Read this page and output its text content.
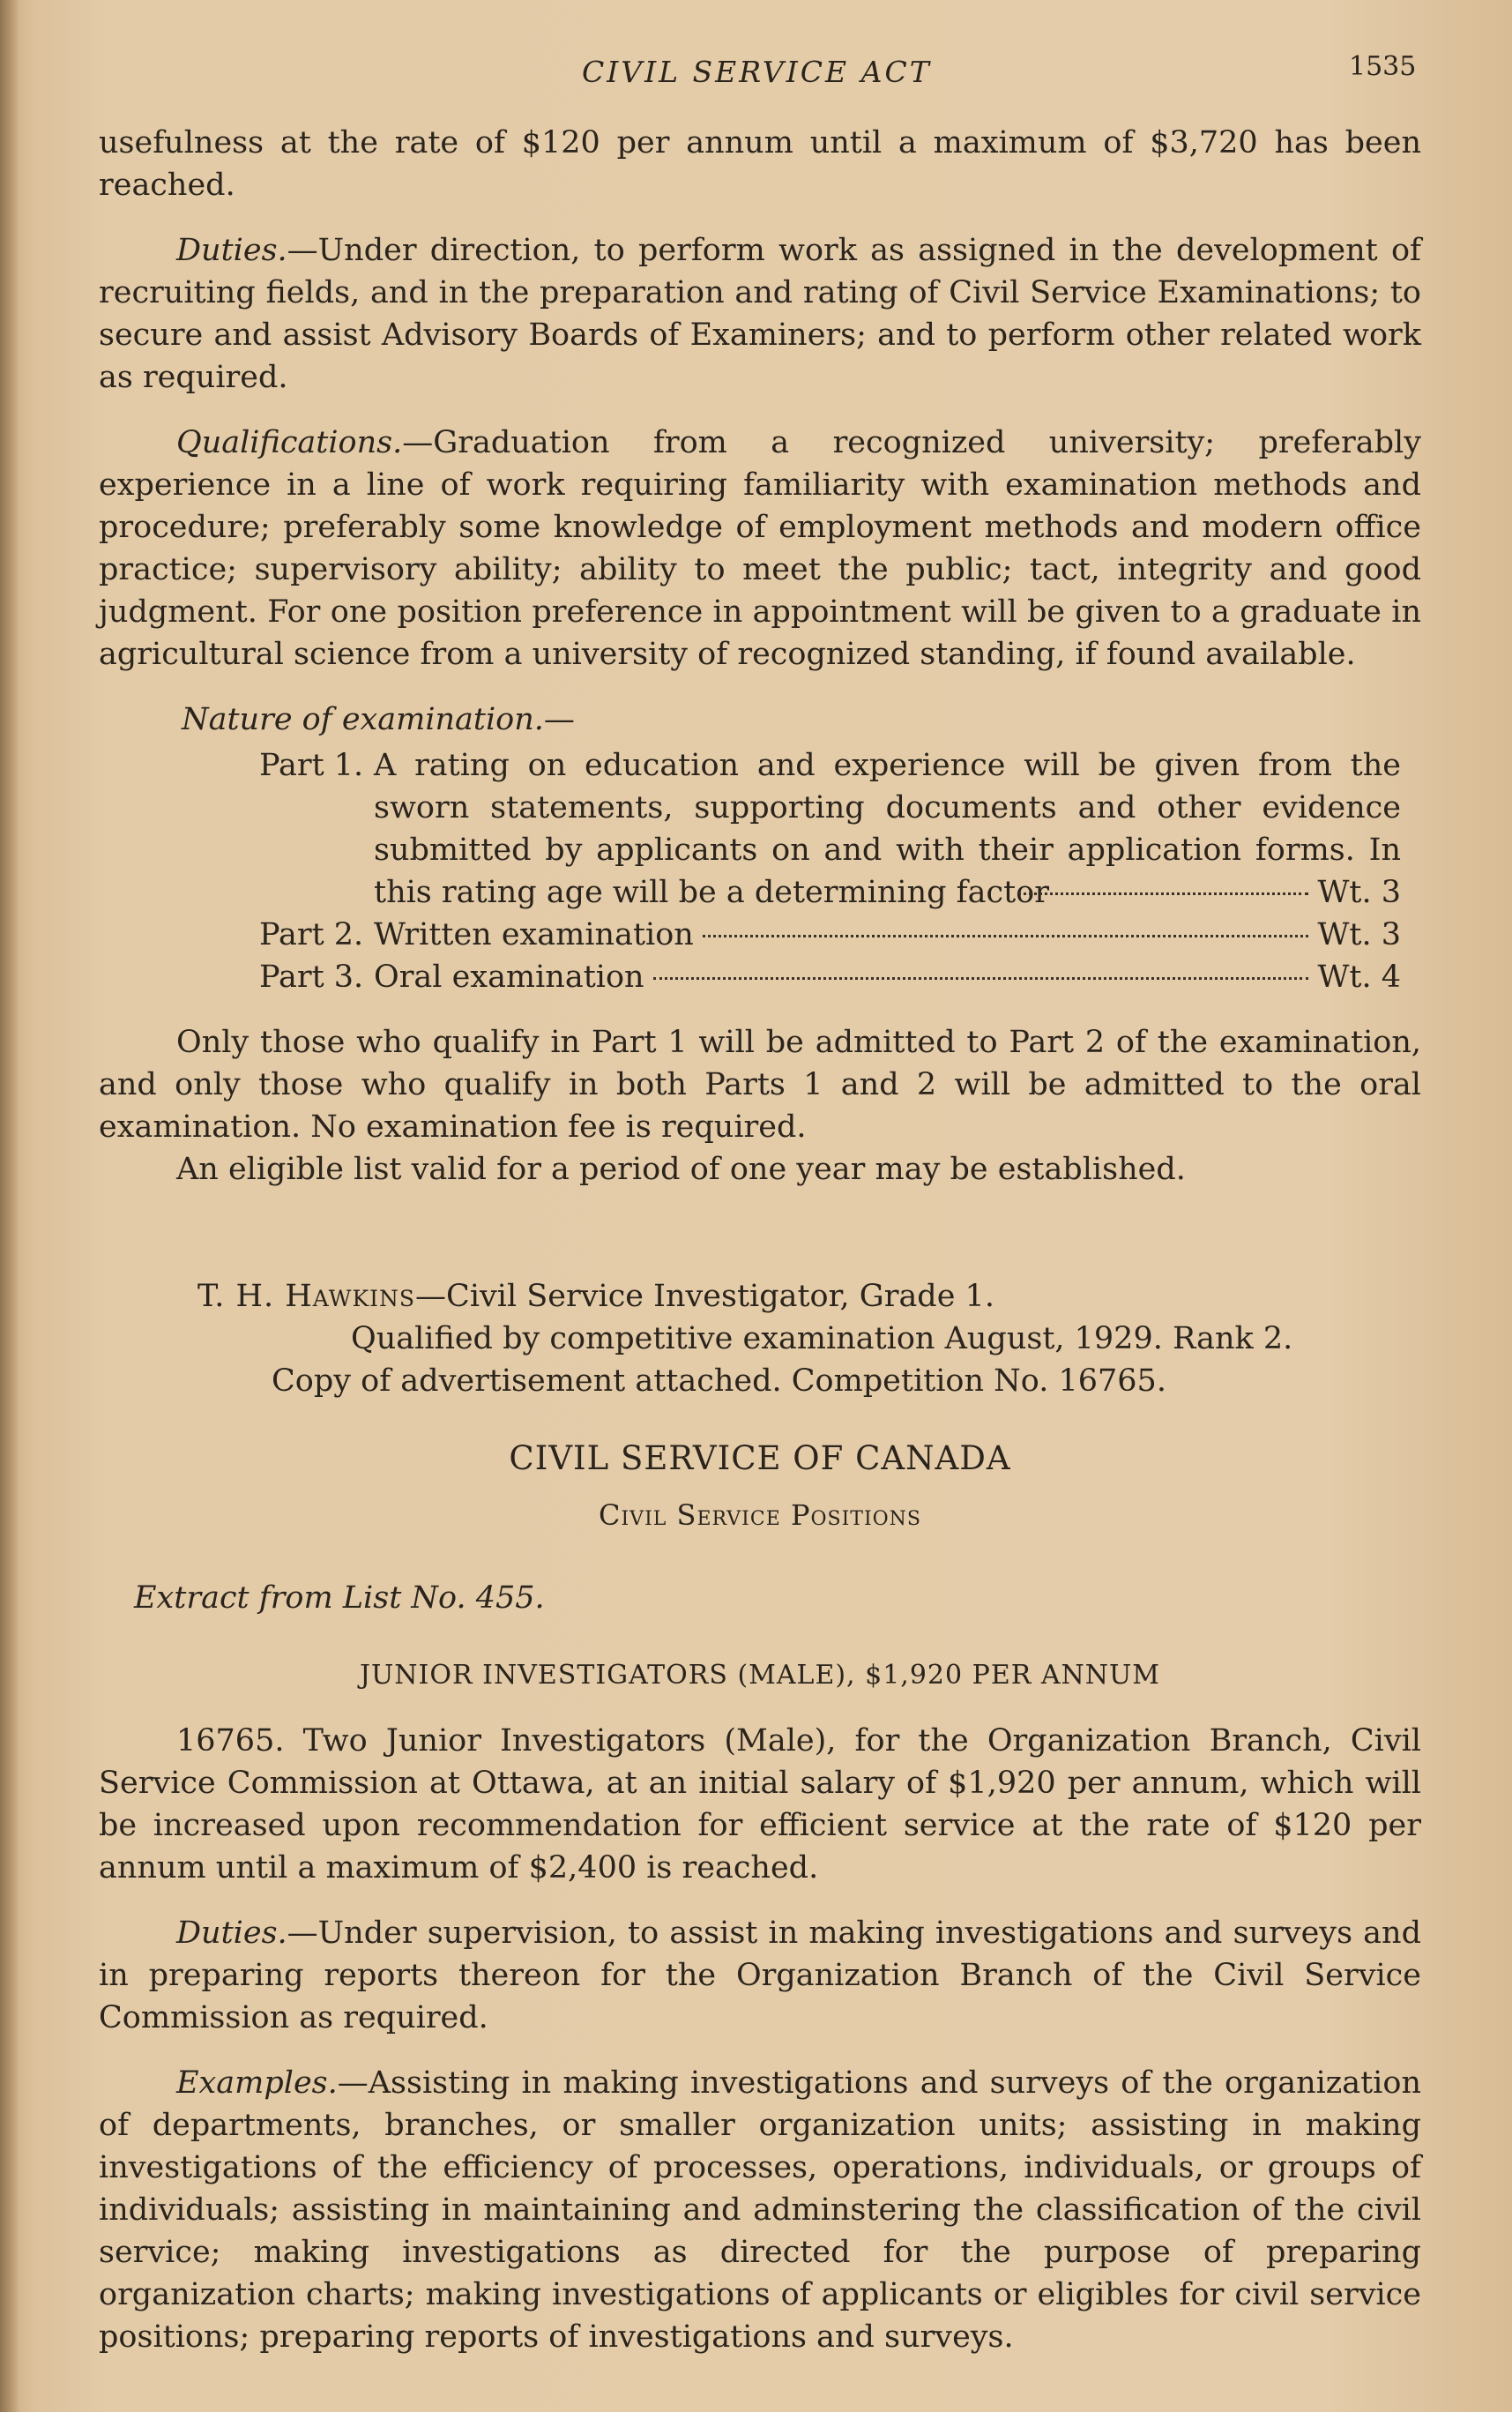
CIVIL SERVICE ACT	1535

usefulness at the rate of $120 per annum until a maximum of $3,720 has been reached.

Duties.—Under direction, to perform work as assigned in the development of recruiting fields, and in the preparation and rating of Civil Service Examinations; to secure and assist Advisory Boards of Examiners; and to perform other related work as required.

Qualifications.—Graduation from a recognized university; preferably experience in a line of work requiring familiarity with examination methods and procedure; preferably some knowledge of employment methods and modern office practice; supervisory ability; ability to meet the public; tact, integrity and good judgment. For one position preference in appointment will be given to a graduate in agricultural science from a university of recognized standing, if found available.

Nature of examination.—
Part 1. A rating on education and experience will be given from the sworn statements, supporting documents and other evidence submitted by applicants on and with their application forms. In this rating age will be a determining factor	Wt. 3
Part 2. Written examination	Wt. 3
Part 3. Oral examination	Wt. 4

Only those who qualify in Part 1 will be admitted to Part 2 of the examination, and only those who qualify in both Parts 1 and 2 will be admitted to the oral examination. No examination fee is required.

An eligible list valid for a period of one year may be established.

T. H. Hawkins—Civil Service Investigator, Grade 1.

Qualified by competitive examination August, 1929. Rank 2.

Copy of advertisement attached. Competition No. 16765.

CIVIL SERVICE OF CANADA
Civil Service Positions
Extract from List No. 455.
JUNIOR INVESTIGATORS (MALE), $1,920 PER ANNUM

16765. Two Junior Investigators (Male), for the Organization Branch, Civil Service Commission at Ottawa, at an initial salary of $1,920 per annum, which will be increased upon recommendation for efficient service at the rate of $120 per annum until a maximum of $2,400 is reached.

Duties.—Under supervision, to assist in making investigations and surveys and in preparing reports thereon for the Organization Branch of the Civil Service Commission as required.

Examples.—Assisting in making investigations and surveys of the organization of departments, branches, or smaller organization units; assisting in making investigations of the efficiency of processes, operations, individuals, or groups of individuals; assisting in maintaining and adminstering the classification of the civil service; making investigations as directed for the purpose of preparing organization charts; making investigations of applicants or eligibles for civil service positions; preparing reports of investigations and surveys.
